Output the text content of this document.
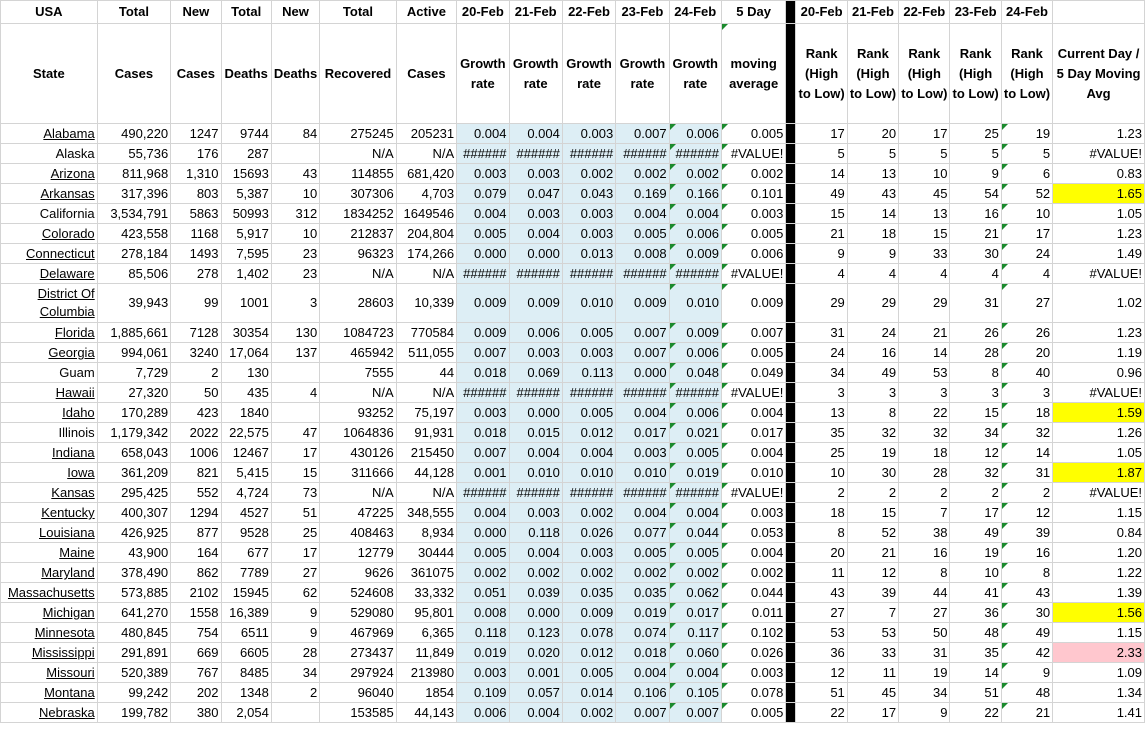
USA	Total	New	Total	New	Total	Active	20-Feb	21-Feb	22-Feb	23-Feb	24-Feb	5 Day		20-Feb	21-Feb	22-Feb	23-Feb	24-Feb	
State	Cases	Cases	Deaths	Deaths	Recovered	Cases	Growth rate	Growth rate	Growth rate	Growth rate	Growth rate	moving average		Rank (High to Low)	Rank (High to Low)	Rank (High to Low)	Rank (High to Low)	Rank (High to Low)	Current Day / 5 Day Moving Avg
Alabama	490,220	1247	9744	84	275245	205231	0.004	0.004	0.003	0.007	0.006	0.005		17	20	17	25	19	1.23
Alaska	55,736	176	287		N/A	N/A	######	######	######	######	######	#VALUE!		5	5	5	5	5	#VALUE!
Arizona	811,968	1,310	15693	43	114855	681,420	0.003	0.003	0.002	0.002	0.002	0.002		14	13	10	9	6	0.83
Arkansas	317,396	803	5,387	10	307306	4,703	0.079	0.047	0.043	0.169	0.166	0.101		49	43	45	54	52	1.65
California	3,534,791	5863	50993	312	1834252	1649546	0.004	0.003	0.003	0.004	0.004	0.003		15	14	13	16	10	1.05
Colorado	423,558	1168	5,917	10	212837	204,804	0.005	0.004	0.003	0.005	0.006	0.005		21	18	15	21	17	1.23
Connecticut	278,184	1493	7,595	23	96323	174,266	0.000	0.000	0.013	0.008	0.009	0.006		9	9	33	30	24	1.49
Delaware	85,506	278	1,402	23	N/A	N/A	######	######	######	######	######	#VALUE!		4	4	4	4	4	#VALUE!
District Of Columbia	39,943	99	1001	3	28603	10,339	0.009	0.009	0.010	0.009	0.010	0.009		29	29	29	31	27	1.02
Florida	1,885,661	7128	30354	130	1084723	770584	0.009	0.006	0.005	0.007	0.009	0.007		31	24	21	26	26	1.23
Georgia	994,061	3240	17,064	137	465942	511,055	0.007	0.003	0.003	0.007	0.006	0.005		24	16	14	28	20	1.19
Guam	7,729	2	130		7555	44	0.018	0.069	0.113	0.000	0.048	0.049		34	49	53	8	40	0.96
Hawaii	27,320	50	435	4	N/A	N/A	######	######	######	######	######	#VALUE!		3	3	3	3	3	#VALUE!
Idaho	170,289	423	1840		93252	75,197	0.003	0.000	0.005	0.004	0.006	0.004		13	8	22	15	18	1.59
Illinois	1,179,342	2022	22,575	47	1064836	91,931	0.018	0.015	0.012	0.017	0.021	0.017		35	32	32	34	32	1.26
Indiana	658,043	1006	12467	17	430126	215450	0.007	0.004	0.004	0.003	0.005	0.004		25	19	18	12	14	1.05
Iowa	361,209	821	5,415	15	311666	44,128	0.001	0.010	0.010	0.010	0.019	0.010		10	30	28	32	31	1.87
Kansas	295,425	552	4,724	73	N/A	N/A	######	######	######	######	######	#VALUE!		2	2	2	2	2	#VALUE!
Kentucky	400,307	1294	4527	51	47225	348,555	0.004	0.003	0.002	0.004	0.004	0.003		18	15	7	17	12	1.15
Louisiana	426,925	877	9528	25	408463	8,934	0.000	0.118	0.026	0.077	0.044	0.053		8	52	38	49	39	0.84
Maine	43,900	164	677	17	12779	30444	0.005	0.004	0.003	0.005	0.005	0.004		20	21	16	19	16	1.20
Maryland	378,490	862	7789	27	9626	361075	0.002	0.002	0.002	0.002	0.002	0.002		11	12	8	10	8	1.22
Massachusetts	573,885	2102	15945	62	524608	33,332	0.051	0.039	0.035	0.035	0.062	0.044		43	39	44	41	43	1.39
Michigan	641,270	1558	16,389	9	529080	95,801	0.008	0.000	0.009	0.019	0.017	0.011		27	7	27	36	30	1.56
Minnesota	480,845	754	6511	9	467969	6,365	0.118	0.123	0.078	0.074	0.117	0.102		53	53	50	48	49	1.15
Mississippi	291,891	669	6605	28	273437	11,849	0.019	0.020	0.012	0.018	0.060	0.026		36	33	31	35	42	2.33
Missouri	520,389	767	8485	34	297924	213980	0.003	0.001	0.005	0.004	0.004	0.003		12	11	19	14	9	1.09
Montana	99,242	202	1348	2	96040	1854	0.109	0.057	0.014	0.106	0.105	0.078		51	45	34	51	48	1.34
Nebraska	199,782	380	2,054		153585	44,143	0.006	0.004	0.002	0.007	0.007	0.005		22	17	9	22	21	1.41
